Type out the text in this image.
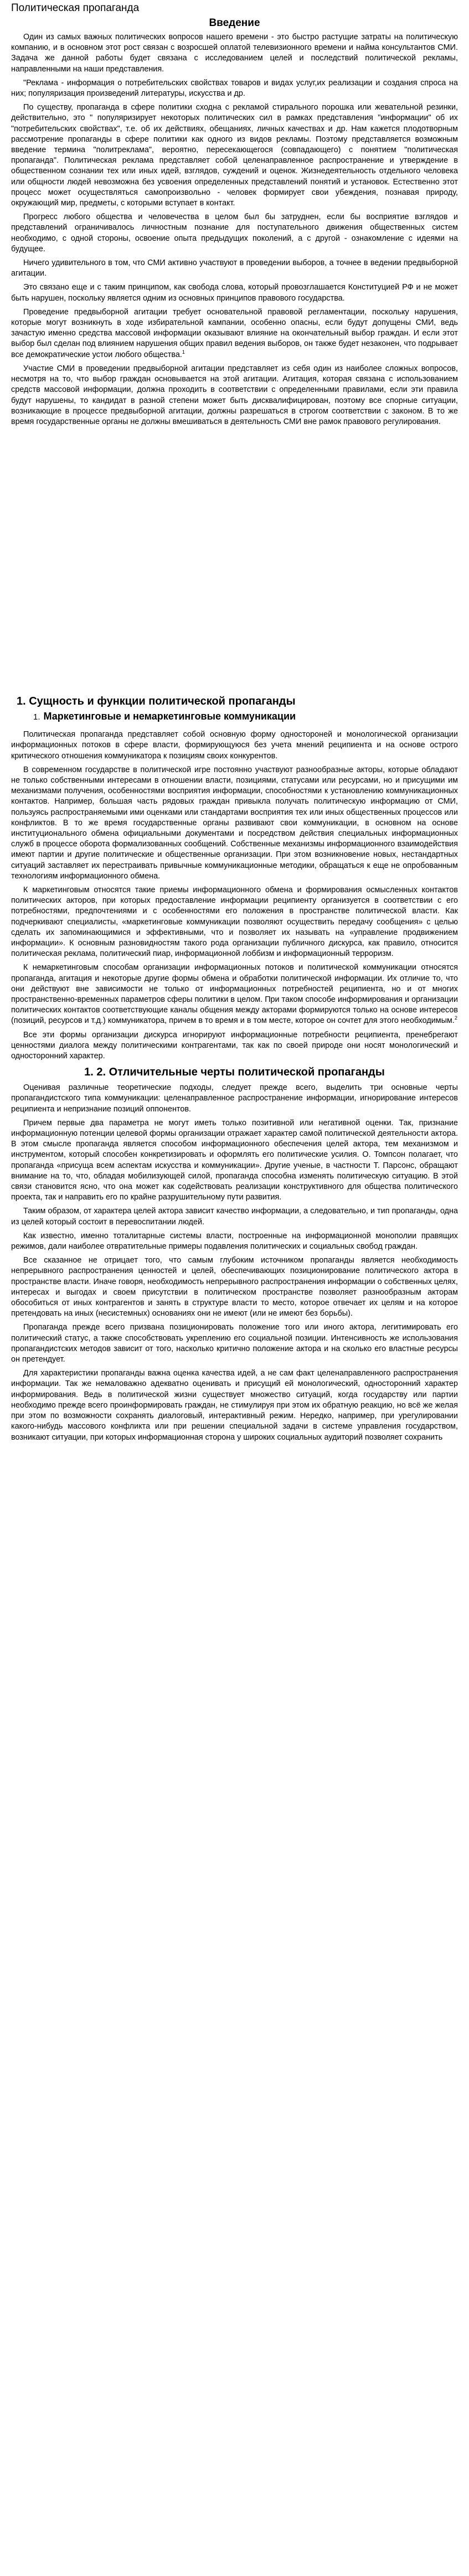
Политическая пропаганда
Введение

Один из самых важных политических вопросов нашего времени - это быстро растущие затраты на политическую компанию, и в основном этот рост связан с возросшей оплатой телевизионного времени и найма консультантов СМИ. Задача же данной работы будет связана с исследованием целей и последствий политической рекламы, направленными на наши представления.

"Реклама - информация о потребительских свойствах товаров и видах услуг,их реализации и создания спроса на них; популяризация произведений литературы, искусства и др.

По существу, пропаганда в сфере политики сходна с рекламой стирального порошка или жевательной резинки, действительно, это " популяризирует некоторых политических сил в рамках представления "информации" об их "потребительских свойствах", т.е. об их действиях, обещаниях, личных качествах и др. Нам кажется плодотворным рассмотрение пропаганды в сфере политики как одного из видов рекламы. Поэтому представляется возможным введение термина "политреклама", вероятно, пересекающегося (совпадающего) с понятием "политическая пропаганда". Политическая реклама представляет собой целенаправленное распространение и утверждение в общественном сознании тех или иных идей, взглядов, суждений и оценок. Жизнедеятельность отдельного человека или общности людей невозможна без усвоения определенных представлений понятий и установок. Естественно этот процесс может осуществляться самопроизвольно - человек формирует свои убеждения, познавая природу, окружающий мир, предметы, с которыми вступает в контакт.

Прогресс любого общества и человечества в целом был бы затруднен, если бы восприятие взглядов и представлений ограничивалось личностным познание для поступательного движения общественных систем необходимо, с одной стороны, освоение опыта предыдущих поколений, а с другой - ознакомление с идеями на будущее.

Ничего удивительного в том, что СМИ активно участвуют в проведении выборов, а точнее в ведении предвыборной агитации.

Это связано еще и с таким принципом, как свобода слова, который провозглашается Конституцией РФ и не может быть нарушен, поскольку является одним из основных принципов правового государства.

Проведение предвыборной агитации требует основательной правовой регламентации, поскольку нарушения, которые могут возникнуть в ходе избирательной кампании, особенно опасны, если будут допущены СМИ, ведь зачастую именно средства массовой информации оказывают влияние на окончательный выбор граждан. И если этот выбор был сделан под влиянием нарушения общих правил ведения выборов, он также будет незаконен, что подрывает все демократические устои любого общества.$^1$

Участие СМИ в проведении предвыборной агитации представляет из себя один из наиболее сложных вопросов, несмотря на то, что выбор граждан основывается на этой агитации. Агитация, которая связана с использованием средств массовой информации, должна проходить в соответствии с определенными правилами, если эти правила будут нарушены, то кандидат в разной степени может быть дисквалифицирован, поэтому все спорные ситуации, возникающие в процессе предвыборной агитации, должны разрешаться в строгом соответствии с законом. В то же время государственные органы не должны вмешиваться в деятельность СМИ вне рамок правового регулирования.

1. Сущность и функции политической пропаганды
1. Маркетинговые и немаркетинговые коммуникации

Политическая пропаганда представляет собой основную форму одностороней и монологической организации информационных потоков в сфере власти, формирующуюся без учета мнений реципиента и на основе острого критического отношения коммуникатора к позициям своих конкурентов.

В современном государстве в политической игре постоянно участвуют разнообразные акторы, которые обладают не только собственными интересами в отношении власти, позициями, статусами или ресурсами, но и присущими им механизмами получения, особенностями восприятия информации, способностями к установлению коммуникационных контактов. Например, большая часть рядовых граждан привыкла получать политическую информацию от СМИ, пользуясь распространяемыми ими оценками или стандартами восприятия тех или иных общественных процессов или конфликтов. В то же время государственные органы развивают свои коммуникации, в основном на основе институционального обмена официальными документами и посредством действия специальных информационных служб в процессе оборота формализованных сообщений. Собственные механизмы информационного взаимодействия имеют партии и другие политические и общественные организации. При этом возникновение новых, нестандартных ситуаций заставляет их перестраивать привычные коммуникационные методики, обращаться к еще не опробованным технологиям информационного обмена.

К маркетинговым относятся такие приемы информационного обмена и формирования осмысленных контактов политических акторов, при которых предоставление информации реципиенту организуется в соответствии с его потребностями, предпочтениями и с особенностями его положения в пространстве политической власти. Как подчеркивают специалисты, «маркетинговые коммуникации позволяют осуществить передачу сообщения» с целью сделать их запоминающимися и эффективными, что и позволяет их называть на «управление продвижением информации». К основным разновидностям такого рода организации публичного дискурса, как правило, относится политическая реклама, политический пиар, информационной лоббизм и информационный терроризм.

К немаркетинговым способам организации информационных потоков и политической коммуникации относятся пропаганда, агитация и некоторые другие формы обмена и обработки политической информации. Их отличие то, что они действуют вне зависимости не только от информационных потребностей реципиента, но и от многих пространственно-временных параметров сферы политики в целом. При таком способе информирования и организации политических контактов соответствующие каналы общения между акторами формируются только на основе интересов (позиций, ресурсов и т.д.) коммуникатора, причем в то время и в том месте, которое он сочтет для этого необходимым.$^2$

Все эти формы организации дискурса игнорируют информационные потребности реципиента, пренебрегают ценностями диалога между политическими контрагентами, так как по своей природе они носят монологический и односторонний характер.

1. 2. Отличительные черты политической пропаганды

Оценивая различные теоретические подходы, следует прежде всего, выделить три основные черты пропагандистского типа коммуникации: целенаправленное распространение информации, игнорирование интересов реципиента и непризнание позиций оппонентов.

Причем первые два параметра не могут иметь только позитивной или негативной оценки. Так, признание информационную потенции целевой формы организации отражает характер самой политической деятельности актора. В этом смысле пропаганда является способом информационного обеспечения целей актора, тем механизмом и инструментом, который способен конкретизировать и оформлять его политические усилия. О. Томпсон полагает, что пропаганда «присуща всем аспектам искусства и коммуникации». Другие ученые, в частности Т. Парсонс, обращают внимание на то, что, обладая мобилизующей силой, пропаганда способна изменять политическую ситуацию. В этой связи становится ясно, что она может как содействовать реализации конструктивного для общества политического проекта, так и направить его по крайне разрушительному пути развития.

Таким образом, от характера целей актора зависит качество информации, а следовательно, и тип пропаганды, одна из целей который состоит в перевоспитании людей.

Как известно, именно тоталитарные системы власти, построенные на информационной монополии правящих режимов, дали наиболее отвратительные примеры подавления политических и социальных свобод граждан.

Все сказанное не отрицает того, что самым глубоким источником пропаганды является необходимость непрерывного распространения ценностей и целей, обеспечивающих позиционирование политического актора в пространстве власти. Иначе говоря, необходимость непрерывного распространения информации о собственных целях, интересах и выгодах и своем присутствии в политическом пространстве позволяет разнообразным акторам обособиться от иных контрагентов и занять в структуре власти то место, которое отвечает их целям и на которое претендовать на иных (несистемных) основаниях они не имеют (или не имеют без борьбы).

Пропаганда прежде всего призвана позиционировать положение того или иного актора, легитимировать его политический статус, а также способствовать укреплению его социальной позиции. Интенсивность же использования пропагандистских методов зависит от того, насколько критично положение актора и на сколько его властные ресурсы он претендует.

Для характеристики пропаганды важна оценка качества идей, а не сам факт целенаправленного распространения информации. Так же немаловажно адекватно оценивать и присущий ей монологический, односторонний характер информирования. Ведь в политической жизни существует множество ситуаций, когда государству или партии необходимо прежде всего проинформировать граждан, не стимулируя при этом их обратную реакцию, но всё же желая при этом по возможности сохранять диалоговый, интерактивный режим. Нередко, например, при урегулировании какого-нибудь массового конфликта или при решении специальной задачи в системе управления государством, возникают ситуации, при которых информационная сторона у широких социальных аудиторий позволяет сохранить
